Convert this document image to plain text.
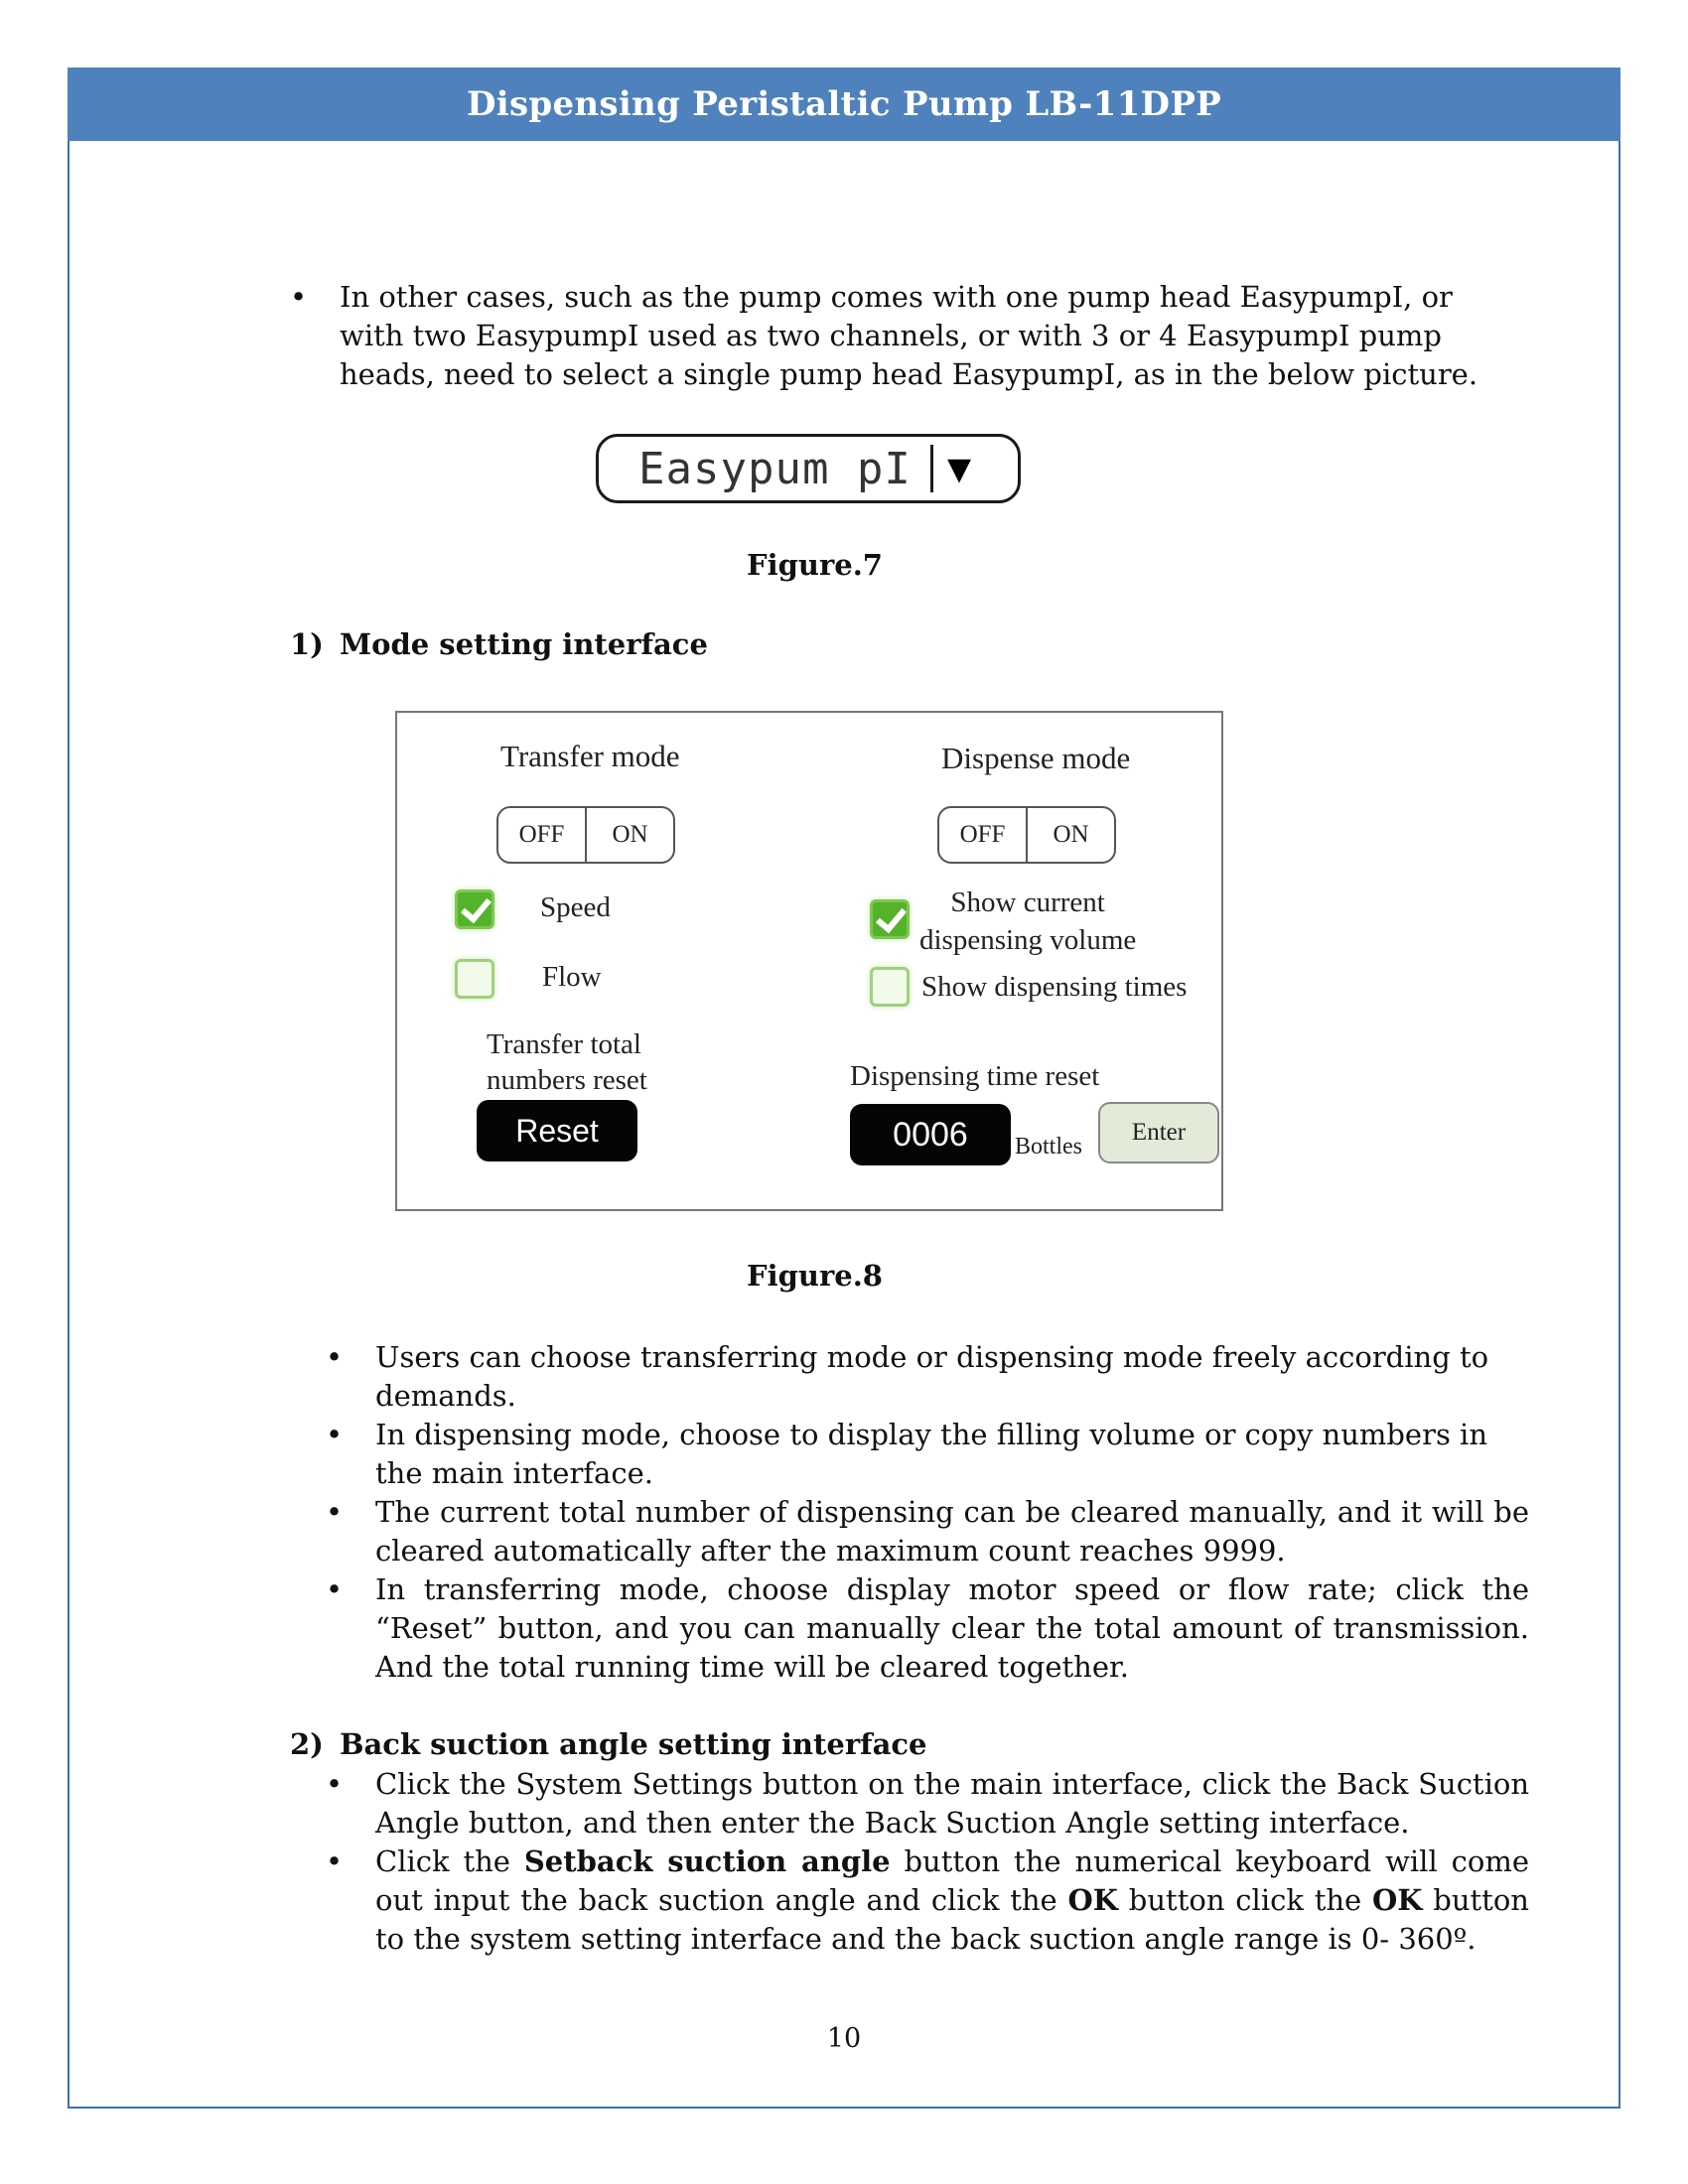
Dispensing Peristaltic Pump LB-11DPP
•	In other cases, such as the pump comes with one pump head EasypumpI, or with two EasypumpI used as two channels, or with 3 or 4 EasypumpI pump heads, need to select a single pump head EasypumpI, as in the below picture.
Easypum pI ▼
Figure.7
1) Mode setting interface
Transfer mode
OFF	ON
Speed
Flow
Transfer total
numbers reset
Reset
Dispense mode
OFF	ON
Show current
dispensing volume
Show dispensing times
Dispensing time reset
0006	Bottles
Enter
Figure.8
•	Users can choose transferring mode or dispensing mode freely according to demands.
•	In dispensing mode, choose to display the filling volume or copy numbers in the main interface.
•	The current total number of dispensing can be cleared manually, and it will be cleared automatically after the maximum count reaches 9999.
•	In transferring mode, choose display motor speed or flow rate; click the “Reset” button, and you can manually clear the total amount of transmission. And the total running time will be cleared together.
2) Back suction angle setting interface
•	Click the System Settings button on the main interface, click the Back Suction Angle button, and then enter the Back Suction Angle setting interface.
•	Click the Setback suction angle button the numerical keyboard will come out input the back suction angle and click the OK button click the OK button to the system setting interface and the back suction angle range is 0- 360º.
10
